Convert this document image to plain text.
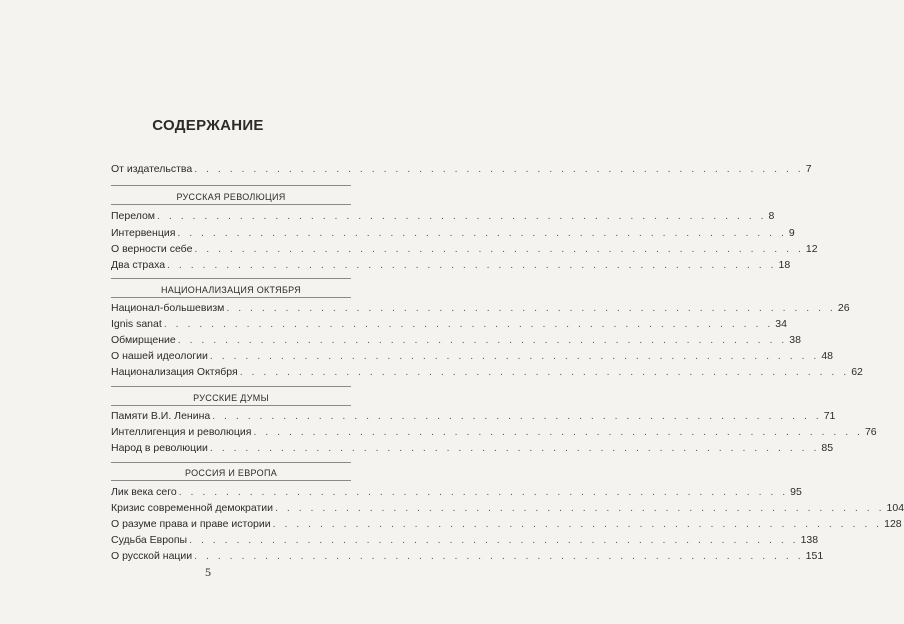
СОДЕРЖАНИЕ
От издательства . . . . . . . . . . . . . . . . . . . . . . . . . . . . . . . . . . . . . . . . . . . . . . . . . . . . 7
РУССКАЯ РЕВОЛЮЦИЯ
Перелом . . . . . . . . . . . . . . . . . . . . . . . . . . . . . . . . . . . . . . . . . . . . . . . . . . . . 8
Интервенция . . . . . . . . . . . . . . . . . . . . . . . . . . . . . . . . . . . . . . . . . . . . . . . . . . . . 9
О верности себе . . . . . . . . . . . . . . . . . . . . . . . . . . . . . . . . . . . . . . . . . . . . . . . . . . . . 12
Два страха . . . . . . . . . . . . . . . . . . . . . . . . . . . . . . . . . . . . . . . . . . . . . . . . . . . . 18
НАЦИОНАЛИЗАЦИЯ ОКТЯБРЯ
Национал-большевизм . . . . . . . . . . . . . . . . . . . . . . . . . . . . . . . . . . . . . . . . . . . . . . . . . . . . 26
Ignis sanat . . . . . . . . . . . . . . . . . . . . . . . . . . . . . . . . . . . . . . . . . . . . . . . . . . . . 34
Обмирщение . . . . . . . . . . . . . . . . . . . . . . . . . . . . . . . . . . . . . . . . . . . . . . . . . . . . 38
О нашей идеологии . . . . . . . . . . . . . . . . . . . . . . . . . . . . . . . . . . . . . . . . . . . . . . . . . . . . 48
Национализация Октября . . . . . . . . . . . . . . . . . . . . . . . . . . . . . . . . . . . . . . . . . . . . . . . . . . . . 62
РУССКИЕ ДУМЫ
Памяти В.И. Ленина . . . . . . . . . . . . . . . . . . . . . . . . . . . . . . . . . . . . . . . . . . . . . . . . . . . . 71
Интеллигенция и революция . . . . . . . . . . . . . . . . . . . . . . . . . . . . . . . . . . . . . . . . . . . . . . . . . . . . 76
Народ в революции . . . . . . . . . . . . . . . . . . . . . . . . . . . . . . . . . . . . . . . . . . . . . . . . . . . . 85
РОССИЯ И ЕВРОПА
Лик века сего . . . . . . . . . . . . . . . . . . . . . . . . . . . . . . . . . . . . . . . . . . . . . . . . . . . . 95
Кризис современной демократии . . . . . . . . . . . . . . . . . . . . . . . . . . . . . . . . . . . . . . . . . . . . . . . . . . . . 104
О разуме права и праве истории . . . . . . . . . . . . . . . . . . . . . . . . . . . . . . . . . . . . . . . . . . . . . . . . . . . . 128
Судьба Европы . . . . . . . . . . . . . . . . . . . . . . . . . . . . . . . . . . . . . . . . . . . . . . . . . . . . 138
О русской нации . . . . . . . . . . . . . . . . . . . . . . . . . . . . . . . . . . . . . . . . . . . . . . . . . . . . 151
5
